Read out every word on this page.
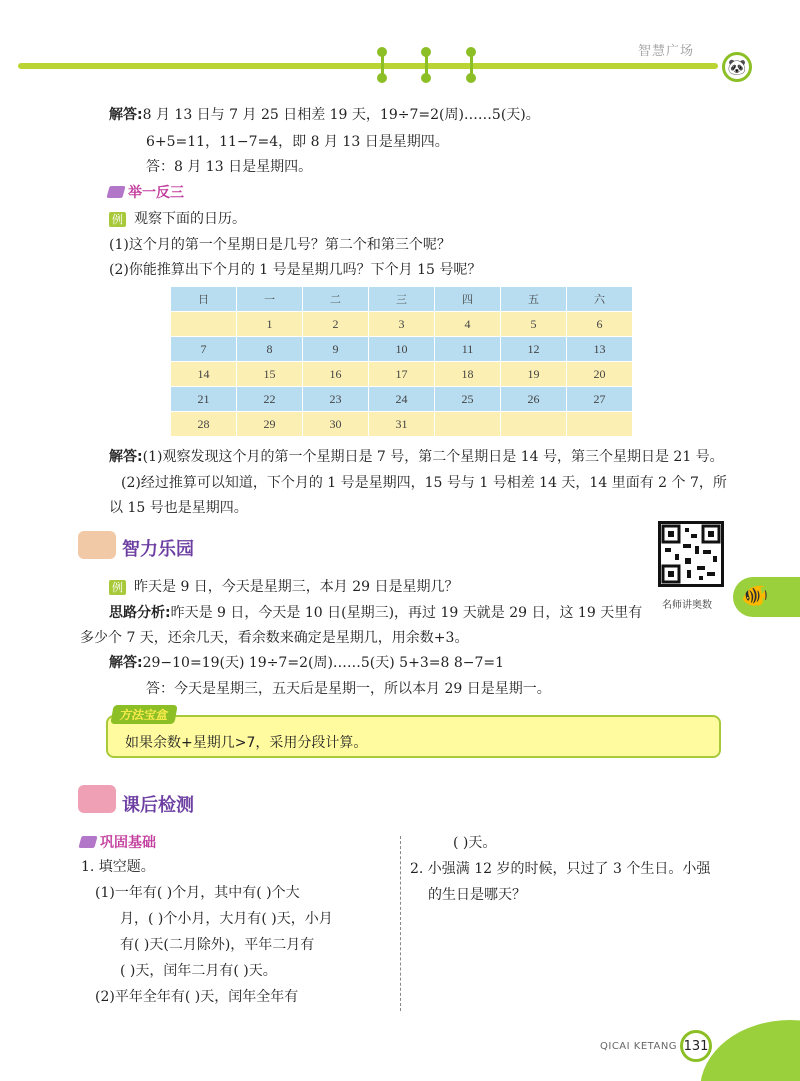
智慧广场
🐼
解答:8 月 13 日与 7 月 25 日相差 19 天，19÷7=2(周)……5(天)。
6+5=11，11−7=4，即 8 月 13 日是星期四。
答：8 月 13 日是星期四。
举一反三
例 观察下面的日历。
(1)这个月的第一个星期日是几号？第二个和第三个呢？
(2)你能推算出下个月的 1 号是星期几吗？下个月 15 号呢？
日	一	二	三	四	五	六
	1	2	3	4	5	6
7	8	9	10	11	12	13
14	15	16	17	18	19	20
21	22	23	24	25	26	27
28	29	30	31			
解答:(1)观察发现这个月的第一个星期日是 7 号，第二个星期日是 14 号，第三个星期日是 21 号。
(2)经过推算可以知道，下个月的 1 号是星期四，15 号与 1 号相差 14 天，14 里面有 2 个 7，所
以 15 号也是星期四。
智力乐园
名师讲奥数 🐠
例 昨天是 9 日，今天是星期三，本月 29 日是星期几？
思路分析:昨天是 9 日，今天是 10 日(星期三)，再过 19 天就是 29 日，这 19 天里有
多少个 7 天，还余几天，看余数来确定是星期几，用余数+3。
解答:29−10=19(天) 19÷7=2(周)……5(天) 5+3=8 8−7=1
答：今天是星期三，五天后是星期一，所以本月 29 日是星期一。
方法宝盒
如果余数+星期几>7，采用分段计算。
课后检测
巩固基础
1. 填空题。
(1)一年有( )个月，其中有( )个大
月，( )个小月，大月有( )天，小月
有( )天(二月除外)，平年二月有
( )天，闰年二月有( )天。
(2)平年全年有( )天，闰年全年有
( )天。
2. 小强满 12 岁的时候，只过了 3 个生日。小强
的生日是哪天？
QICAI KETANG 131
